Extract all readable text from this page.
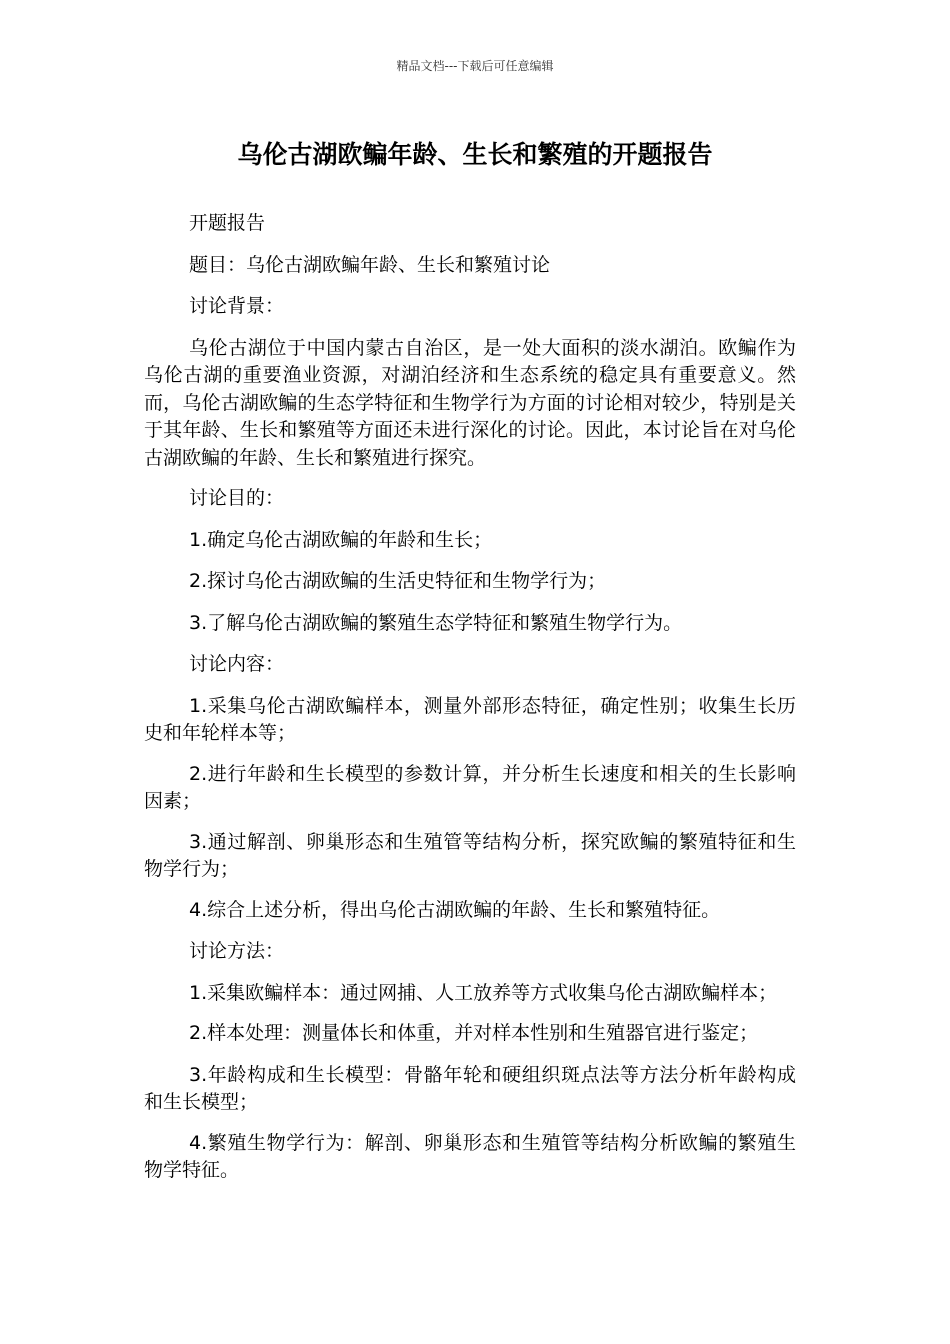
精品文档---下载后可任意编辑
乌伦古湖欧鳊年龄、生长和繁殖的开题报告

开题报告

题目：乌伦古湖欧鳊年龄、生长和繁殖讨论

讨论背景：

乌伦古湖位于中国内蒙古自治区，是一处大面积的淡水湖泊。欧鳊作为乌伦古湖的重要渔业资源，对湖泊经济和生态系统的稳定具有重要意义。然而，乌伦古湖欧鳊的生态学特征和生物学行为方面的讨论相对较少，特别是关于其年龄、生长和繁殖等方面还未进行深化的讨论。因此，本讨论旨在对乌伦古湖欧鳊的年龄、生长和繁殖进行探究。

讨论目的：

1.确定乌伦古湖欧鳊的年龄和生长；

2.探讨乌伦古湖欧鳊的生活史特征和生物学行为；

3.了解乌伦古湖欧鳊的繁殖生态学特征和繁殖生物学行为。

讨论内容：

1.采集乌伦古湖欧鳊样本，测量外部形态特征，确定性别；收集生长历史和年轮样本等；

2.进行年龄和生长模型的参数计算，并分析生长速度和相关的生长影响因素；

3.通过解剖、卵巢形态和生殖管等结构分析，探究欧鳊的繁殖特征和生物学行为；

4.综合上述分析，得出乌伦古湖欧鳊的年龄、生长和繁殖特征。

讨论方法：

1.采集欧鳊样本：通过网捕、人工放养等方式收集乌伦古湖欧鳊样本；

2.样本处理：测量体长和体重，并对样本性别和生殖器官进行鉴定；

3.年龄构成和生长模型：骨骼年轮和硬组织斑点法等方法分析年龄构成和生长模型；

4.繁殖生物学行为：解剖、卵巢形态和生殖管等结构分析欧鳊的繁殖生物学特征。
